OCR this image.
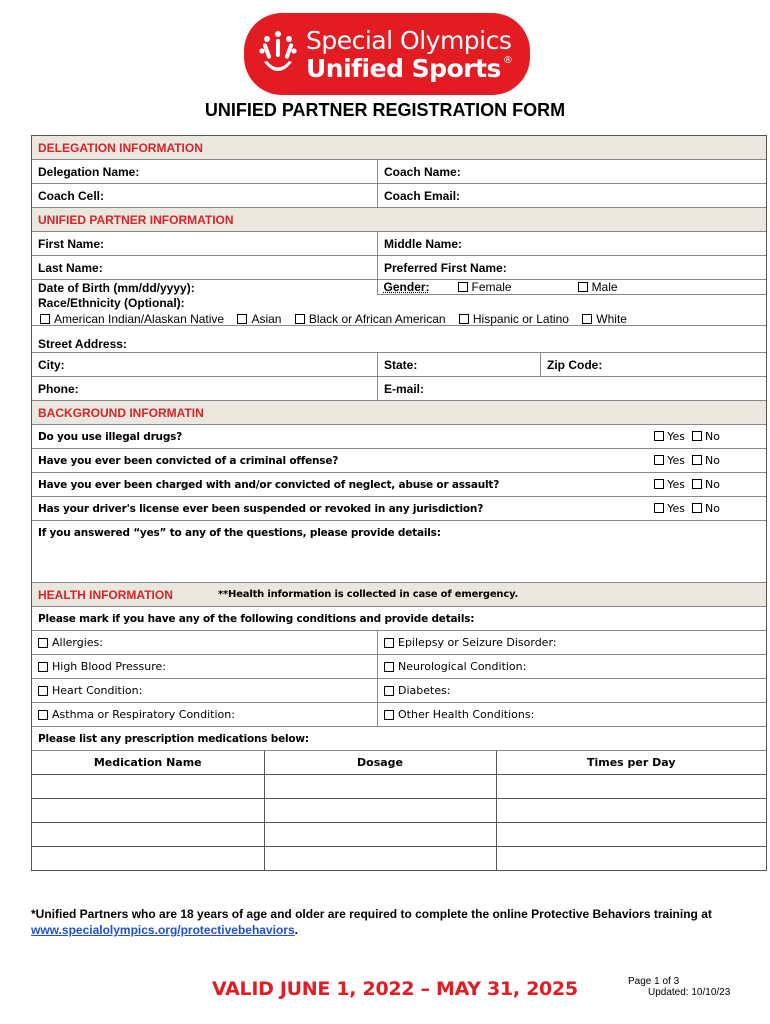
Special Olympics
Unified Sports ®
UNIFIED PARTNER REGISTRATION FORM
DELEGATION INFORMATION
Delegation Name:	Coach Name:
Coach Cell:	Coach Email:
UNIFIED PARTNER INFORMATION
First Name:	Middle Name:
Last Name:	Preferred First Name:
Date of Birth (mm/dd/yyyy):	Gender:	Female	Male
Race/Ethnicity (Optional):
American Indian/Alaskan Native Asian Black or African American Hispanic or Latino White
Street Address:
City:	State:	Zip Code:
Phone:	E-mail:
BACKGROUND INFORMATIN
Do you use illegal drugs?	Yes No
Have you ever been convicted of a criminal offense?	Yes No
Have you ever been charged with and/or convicted of neglect, abuse or assault?	Yes No
Has your driver's license ever been suspended or revoked in any jurisdiction?	Yes No
If you answered “yes” to any of the questions, please provide details:
HEALTH INFORMATION	**Health information is collected in case of emergency.
Please mark if you have any of the following conditions and provide details:
Allergies:	Epilepsy or Seizure Disorder:
High Blood Pressure:	Neurological Condition:
Heart Condition:	Diabetes:
Asthma or Respiratory Condition:	Other Health Conditions:
Please list any prescription medications below:
Medication Name	Dosage	Times per Day

*Unified Partners who are 18 years of age and older are required to complete the online Protective Behaviors training at www.specialolympics.org/protectivebehaviors.
VALID JUNE 1, 2022 – MAY 31, 2025	Page 1 of 3
Updated: 10/10/23
